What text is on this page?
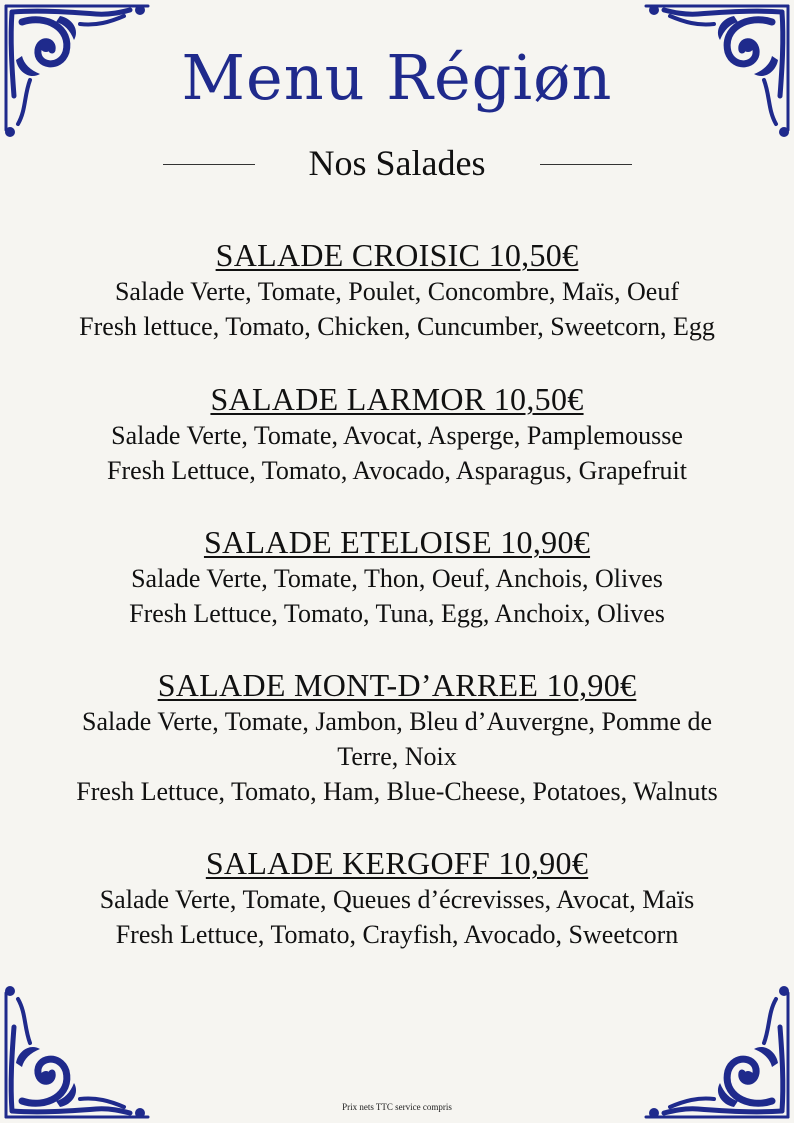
Menu Régiøn
Nos Salades
SALADE CROISIC 10,50€
Salade Verte, Tomate, Poulet, Concombre, Maïs, Oeuf
Fresh lettuce, Tomato, Chicken, Cuncumber, Sweetcorn, Egg
SALADE LARMOR 10,50€
Salade Verte, Tomate, Avocat, Asperge, Pamplemousse
Fresh Lettuce, Tomato, Avocado, Asparagus, Grapefruit
SALADE ETELOISE 10,90€
Salade Verte, Tomate, Thon, Oeuf, Anchois, Olives
Fresh Lettuce, Tomato, Tuna, Egg, Anchoix, Olives
SALADE MONT-D’ARREE 10,90€
Salade Verte, Tomate, Jambon, Bleu d’Auvergne, Pomme de
Terre, Noix
Fresh Lettuce, Tomato, Ham, Blue-Cheese, Potatoes, Walnuts
SALADE KERGOFF 10,90€
Salade Verte, Tomate, Queues d’écrevisses, Avocat, Maïs
Fresh Lettuce, Tomato, Crayfish, Avocado, Sweetcorn
Prix nets TTC service compris
